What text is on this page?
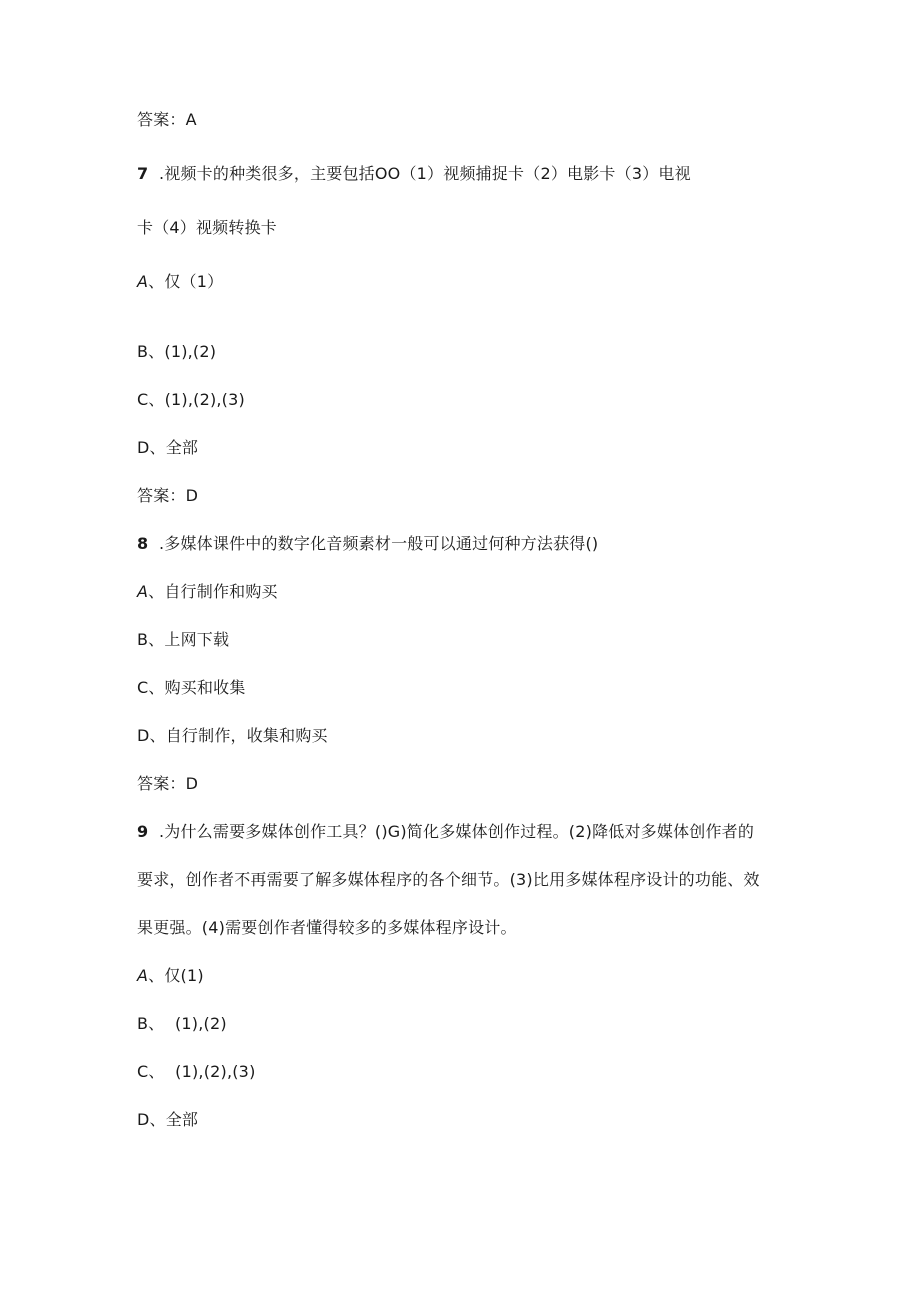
答案：A
7 .视频卡的种类很多，主要包括OO（1）视频捕捉卡（2）电影卡（3）电视
卡（4）视频转换卡
A、仅（1）
B、(1),(2)
C、(1),(2),(3)
D、全部
答案：D
8 .多媒体课件中的数字化音频素材一般可以通过何种方法获得()
A、自行制作和购买
B、上网下载
C、购买和收集
D、自行制作，收集和购买
答案：D
9 .为什么需要多媒体创作工具？()G)简化多媒体创作过程。(2)降低对多媒体创作者的
要求，创作者不再需要了解多媒体程序的各个细节。(3)比用多媒体程序设计的功能、效
果更强。(4)需要创作者懂得较多的多媒体程序设计。
A、仅(1)
B、  (1),(2)
C、  (1),(2),(3)
D、全部
